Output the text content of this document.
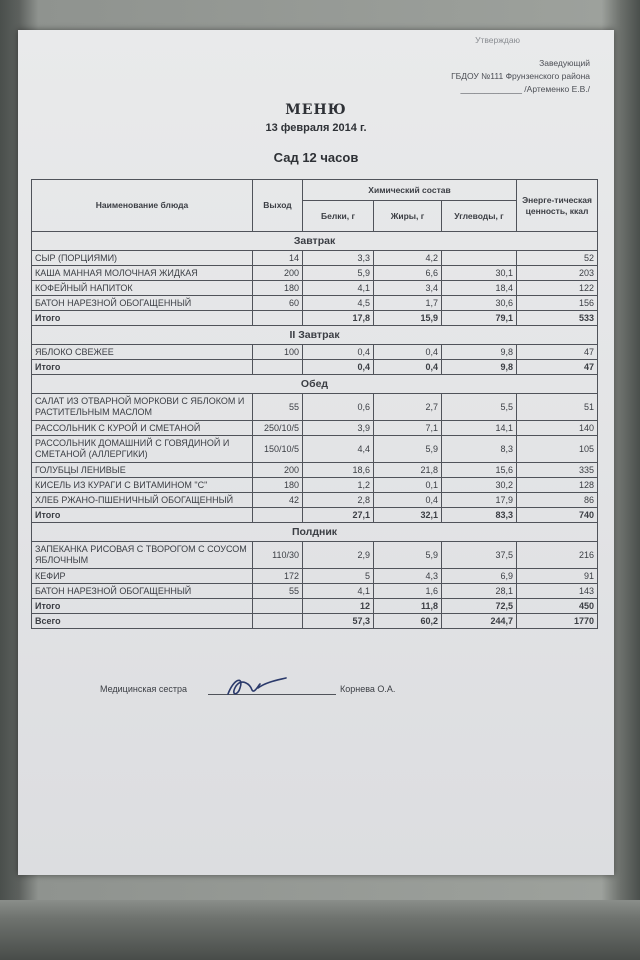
Утверждаю
Заведующий
ГБДОУ №111 Фрунзенского района
_____________ /Артеменко Е.В./
МЕНЮ
13 февраля 2014 г.
Сад 12 часов
Наименование блюда	Выход	Химический состав			Энерге-тическая ценность, ккал
		Белки, г	Жиры, г	Углеводы, г	
Завтрак					
СЫР (ПОРЦИЯМИ)	14	3,3	4,2		52
КАША МАННАЯ МОЛОЧНАЯ ЖИДКАЯ	200	5,9	6,6	30,1	203
КОФЕЙНЫЙ НАПИТОК	180	4,1	3,4	18,4	122
БАТОН НАРЕЗНОЙ ОБОГАЩЕННЫЙ	60	4,5	1,7	30,6	156
Итого		17,8	15,9	79,1	533
II Завтрак					
ЯБЛОКО СВЕЖЕЕ	100	0,4	0,4	9,8	47
Итого		0,4	0,4	9,8	47
Обед					
САЛАТ ИЗ ОТВАРНОЙ МОРКОВИ С ЯБЛОКОМ И РАСТИТЕЛЬНЫМ МАСЛОМ	55	0,6	2,7	5,5	51
РАССОЛЬНИК С КУРОЙ И СМЕТАНОЙ	250/10/5	3,9	7,1	14,1	140
РАССОЛЬНИК ДОМАШНИЙ С ГОВЯДИНОЙ И СМЕТАНОЙ (АЛЛЕРГИКИ)	150/10/5	4,4	5,9	8,3	105
ГОЛУБЦЫ ЛЕНИВЫЕ	200	18,6	21,8	15,6	335
КИСЕЛЬ ИЗ КУРАГИ С ВИТАМИНОМ "С"	180	1,2	0,1	30,2	128
ХЛЕБ РЖАНО-ПШЕНИЧНЫЙ ОБОГАЩЕННЫЙ	42	2,8	0,4	17,9	86
Итого		27,1	32,1	83,3	740
Полдник					
ЗАПЕКАНКА РИСОВАЯ С ТВОРОГОМ С СОУСОМ ЯБЛОЧНЫМ	110/30	2,9	5,9	37,5	216
КЕФИР	172	5	4,3	6,9	91
БАТОН НАРЕЗНОЙ ОБОГАЩЕННЫЙ	55	4,1	1,6	28,1	143
Итого		12	11,8	72,5	450
Всего		57,3	60,2	244,7	1770
Медицинская сестра	Корнева О.А.
